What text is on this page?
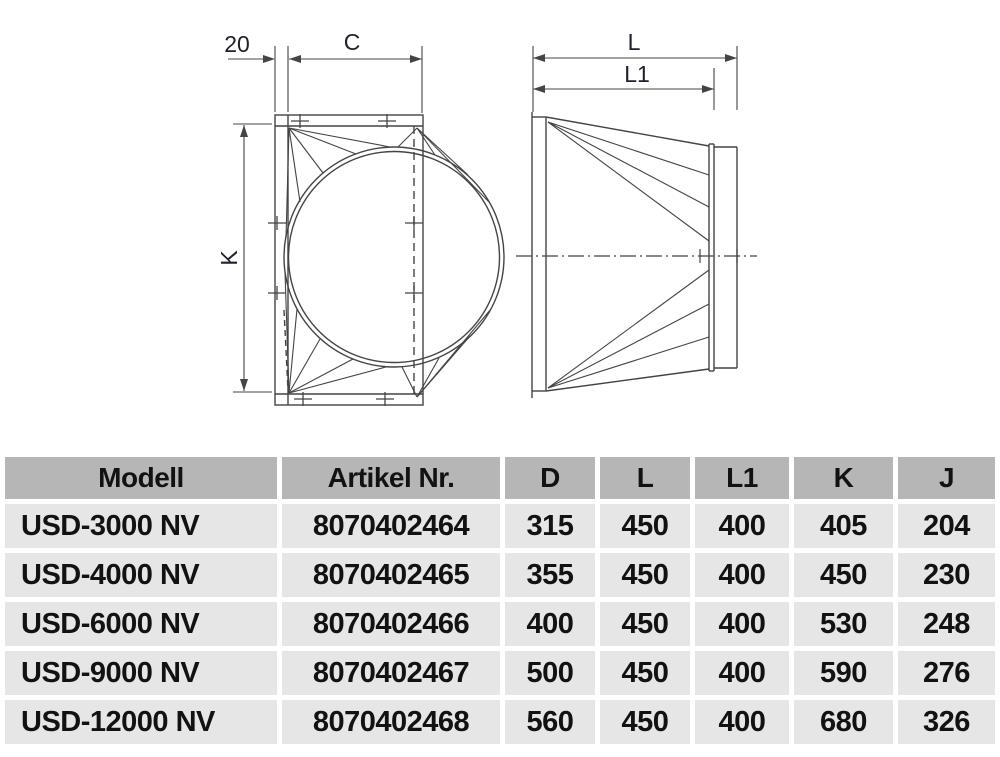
20	C
K
L
L1
Modell	Artikel Nr.	D	L	L1	K	J
USD-3000 NV	8070402464	315	450	400	405	204
USD-4000 NV	8070402465	355	450	400	450	230
USD-6000 NV	8070402466	400	450	400	530	248
USD-9000 NV	8070402467	500	450	400	590	276
USD-12000 NV	8070402468	560	450	400	680	326
